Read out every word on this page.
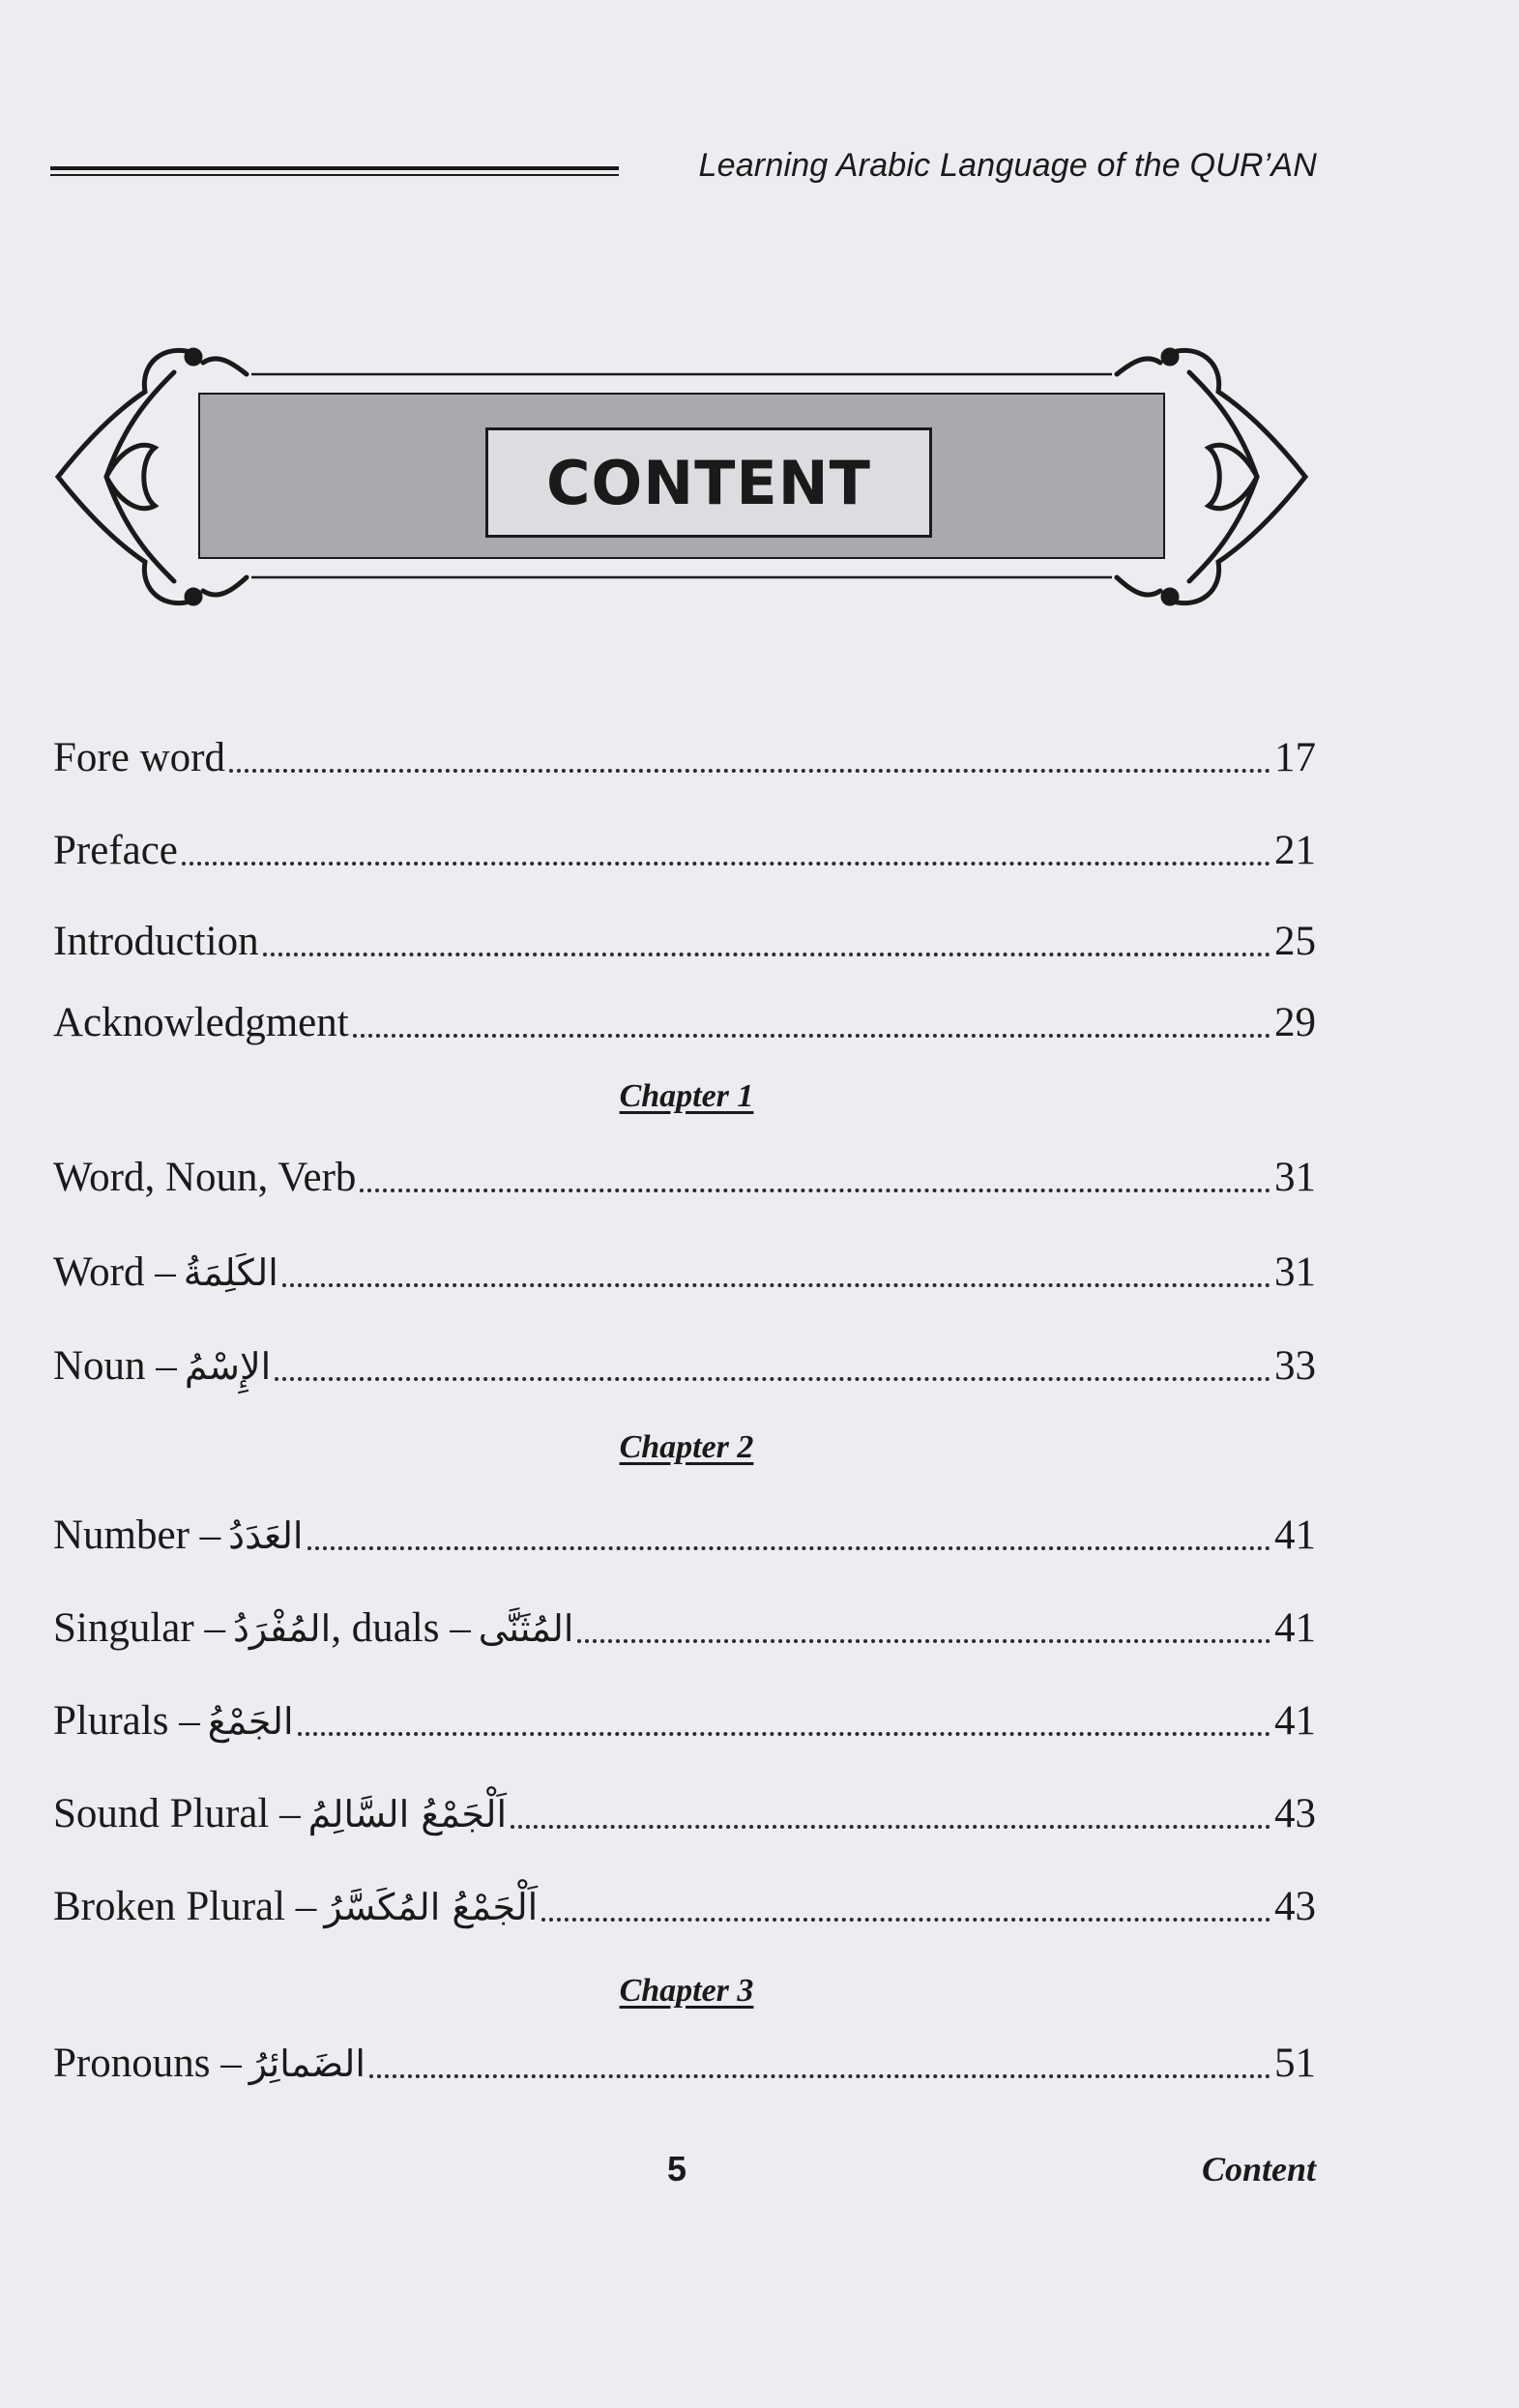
Learning Arabic Language of the QUR’AN
CONTENT
Fore word	17
Preface	21
Introduction	25
Acknowledgment	29
Chapter 1
Word, Noun, Verb	31
Word – الكَلِمَةُ	31
Noun – الإِسْمُ	33
Chapter 2
Number – العَدَدُ	41
Singular – المُفْرَدُ , duals – المُثَنَّى	41
Plurals – الجَمْعُ	41
Sound Plural – اَلْجَمْعُ السَّالِمُ	43
Broken Plural – اَلْجَمْعُ المُكَسَّرُ	43
Chapter 3
Pronouns – الضَمائِرُ	51
5	Content
